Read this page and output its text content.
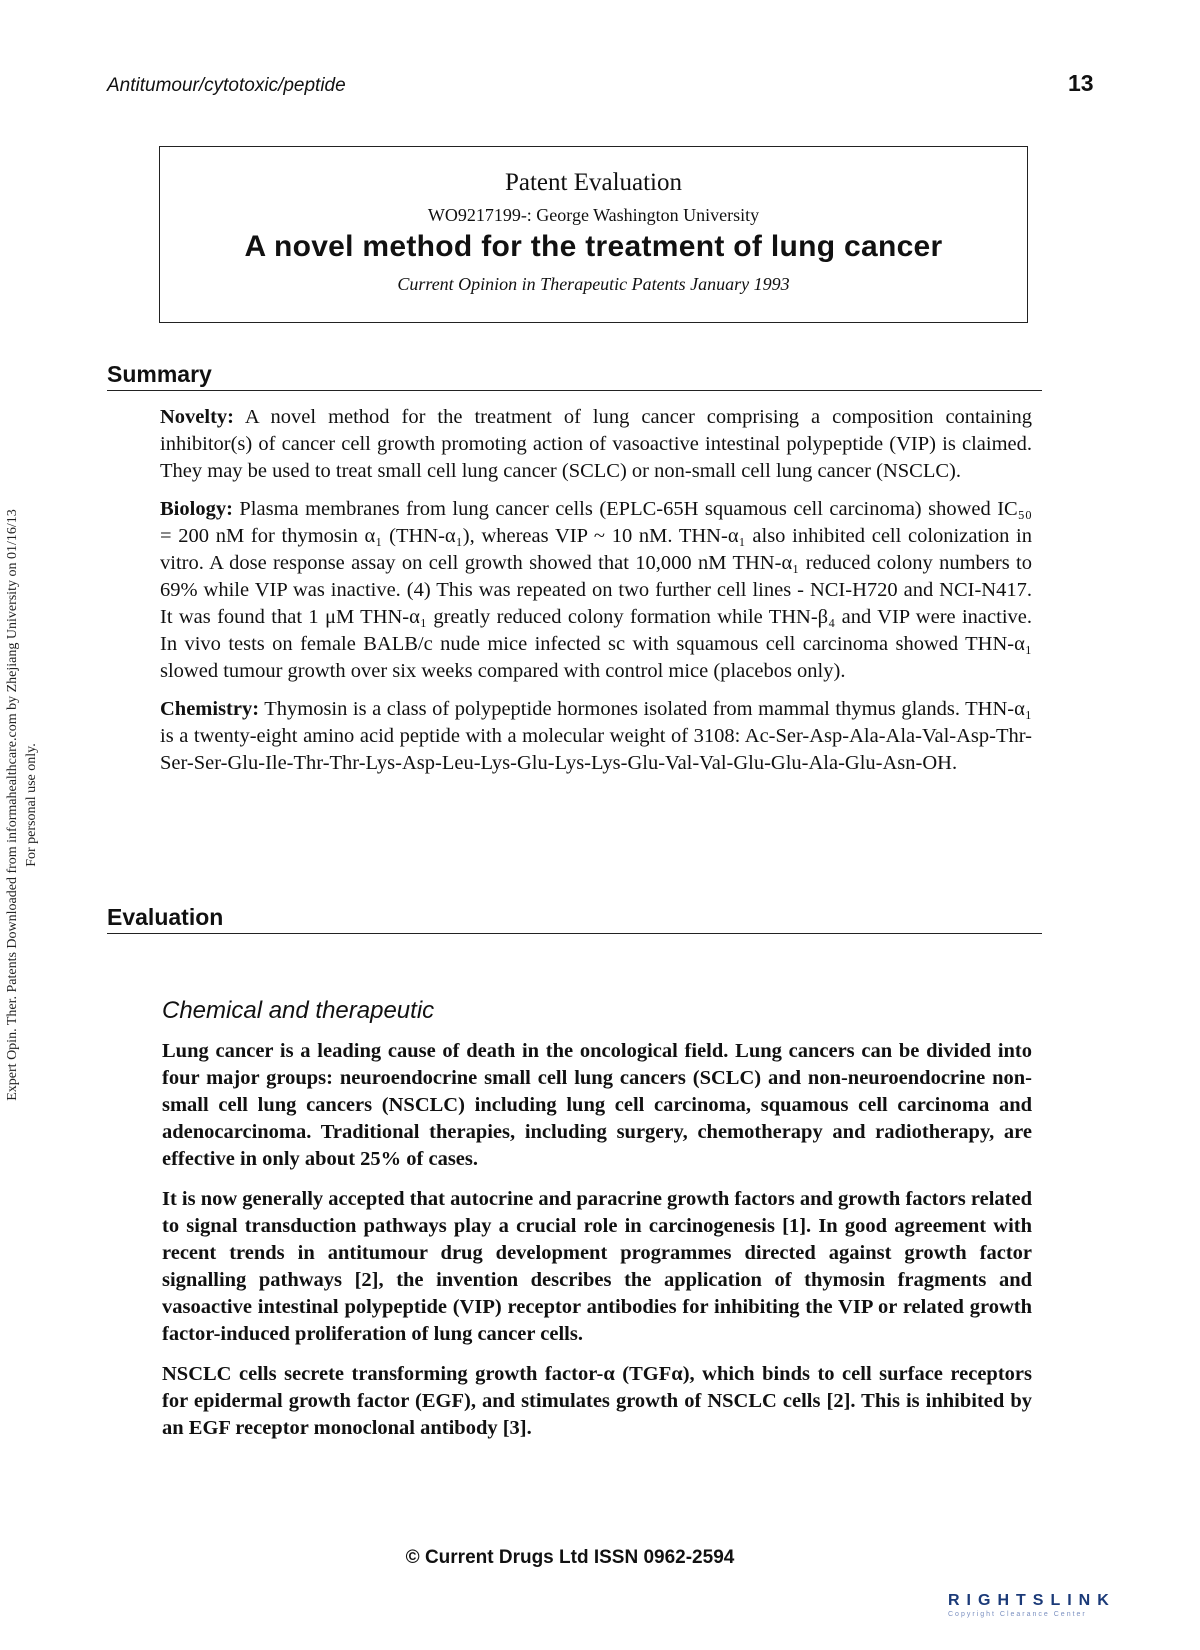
Antitumour/cytotoxic/peptide	13
Expert Opin. Ther. Patents Downloaded from informahealthcare.com by Zhejiang University on 01/16/13 For personal use only.
Patent Evaluation
WO9217199-: George Washington University
A novel method for the treatment of lung cancer
Current Opinion in Therapeutic Patents January 1993
Summary

Novelty: A novel method for the treatment of lung cancer comprising a composition containing inhibitor(s) of cancer cell growth promoting action of vasoactive intestinal polypeptide (VIP) is claimed. They may be used to treat small cell lung cancer (SCLC) or non-small cell lung cancer (NSCLC).

Biology: Plasma membranes from lung cancer cells (EPLC-65H squamous cell carcinoma) showed IC₅₀ = 200 nM for thymosin α₁ (THN-α₁), whereas VIP ~ 10 nM. THN-α₁ also inhibited cell colonization in vitro. A dose response assay on cell growth showed that 10,000 nM THN-α₁ reduced colony numbers to 69% while VIP was inactive. (4) This was repeated on two further cell lines - NCI-H720 and NCI-N417. It was found that 1 μM THN-α₁ greatly reduced colony formation while THN-β₄ and VIP were inactive. In vivo tests on female BALB/c nude mice infected sc with squamous cell carcinoma showed THN-α₁ slowed tumour growth over six weeks compared with control mice (placebos only).

Chemistry: Thymosin is a class of polypeptide hormones isolated from mammal thymus glands. THN-α₁ is a twenty-eight amino acid peptide with a molecular weight of 3108: Ac-Ser-Asp-Ala-Ala-Val-Asp-Thr-Ser-Ser-Glu-Ile-Thr-Thr-Lys-Asp-Leu-Lys-Glu-Lys-Lys-Glu-Val-Val-Glu-Glu-Ala-Glu-Asn-OH.

Evaluation
Chemical and therapeutic

Lung cancer is a leading cause of death in the oncological field. Lung cancers can be divided into four major groups: neuroendocrine small cell lung cancers (SCLC) and non-neuroendocrine non-small cell lung cancers (NSCLC) including lung cell carcinoma, squamous cell carcinoma and adenocarcinoma. Traditional therapies, including surgery, chemotherapy and radiotherapy, are effective in only about 25% of cases.

It is now generally accepted that autocrine and paracrine growth factors and growth factors related to signal transduction pathways play a crucial role in carcinogenesis [1]. In good agreement with recent trends in antitumour drug development programmes directed against growth factor signalling pathways [2], the invention describes the application of thymosin fragments and vasoactive intestinal polypeptide (VIP) receptor antibodies for inhibiting the VIP or related growth factor-induced proliferation of lung cancer cells.

NSCLC cells secrete transforming growth factor-α (TGFα), which binds to cell surface receptors for epidermal growth factor (EGF), and stimulates growth of NSCLC cells [2]. This is inhibited by an EGF receptor monoclonal antibody [3].

© Current Drugs Ltd ISSN 0962-2594
RIGHTSLINK
Copyright Clearance Center
